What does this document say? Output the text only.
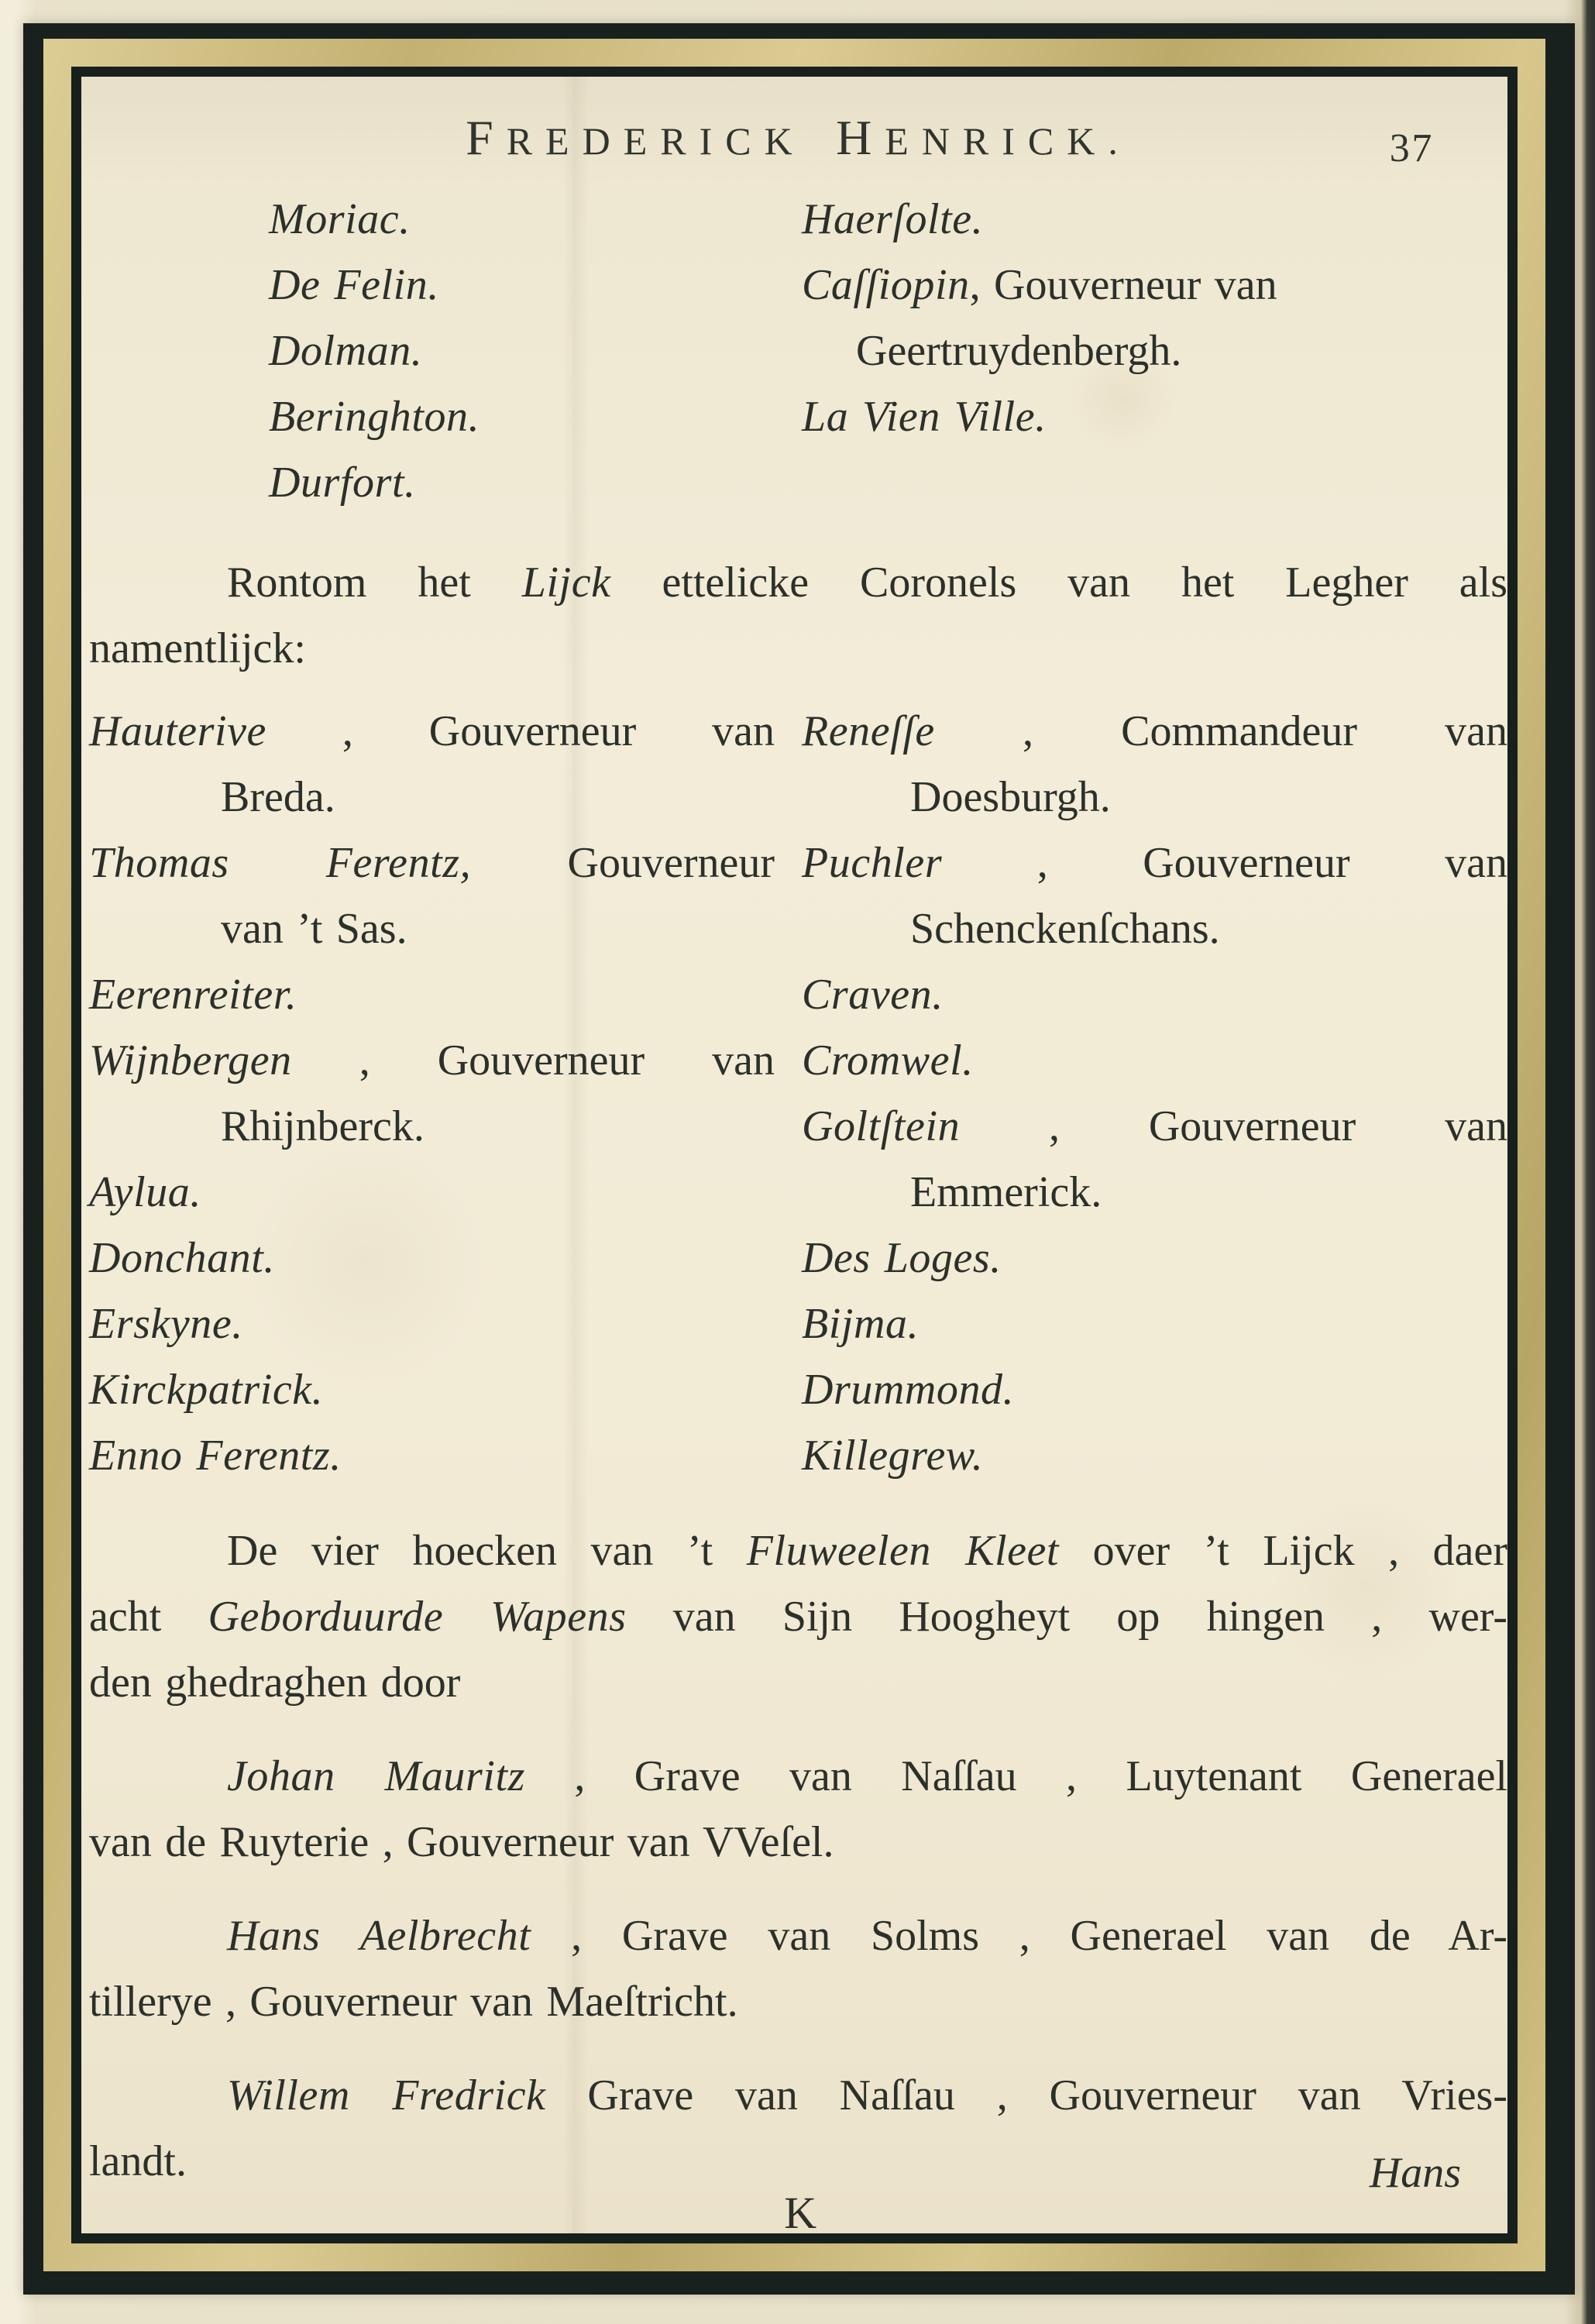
FREDERICK HENRICK.	37
Moriac.
De Felin.
Dolman.
Beringhton.
Durfort.
Haerſolte.
Caſſiopin, Gouverneur van
Geertruydenbergh.
La Vien Ville.
Rontom het Lijck ettelicke Coronels van het Legher als
namentlijck:
Hauterive , Gouverneur van
Breda.
Thomas Ferentz, Gouverneur
van ’t Sas.
Eerenreiter.
Wijnbergen , Gouverneur van
Rhijnberck.
Aylua.
Donchant.
Erskyne.
Kirckpatrick.
Enno Ferentz.
Reneſſe , Commandeur van
Doesburgh.
Puchler , Gouverneur van
Schenckenſchans.
Craven.
Cromwel.
Goltſtein , Gouverneur van
Emmerick.
Des Loges.
Bijma.
Drummond.
Killegrew.
De vier hoecken van ’t Fluweelen Kleet over ’t Lijck , daer
acht Geborduurde Wapens van Sijn Hoogheyt op hingen , wer-
den ghedraghen door
Johan Mauritz , Grave van Naſſau , Luytenant Generael
van de Ruyterie , Gouverneur van VVeſel.
Hans Aelbrecht , Grave van Solms , Generael van de Ar-
tillerye , Gouverneur van Maeſtricht.
Willem Fredrick Grave van Naſſau , Gouverneur van Vries-
landt.
K
Hans
